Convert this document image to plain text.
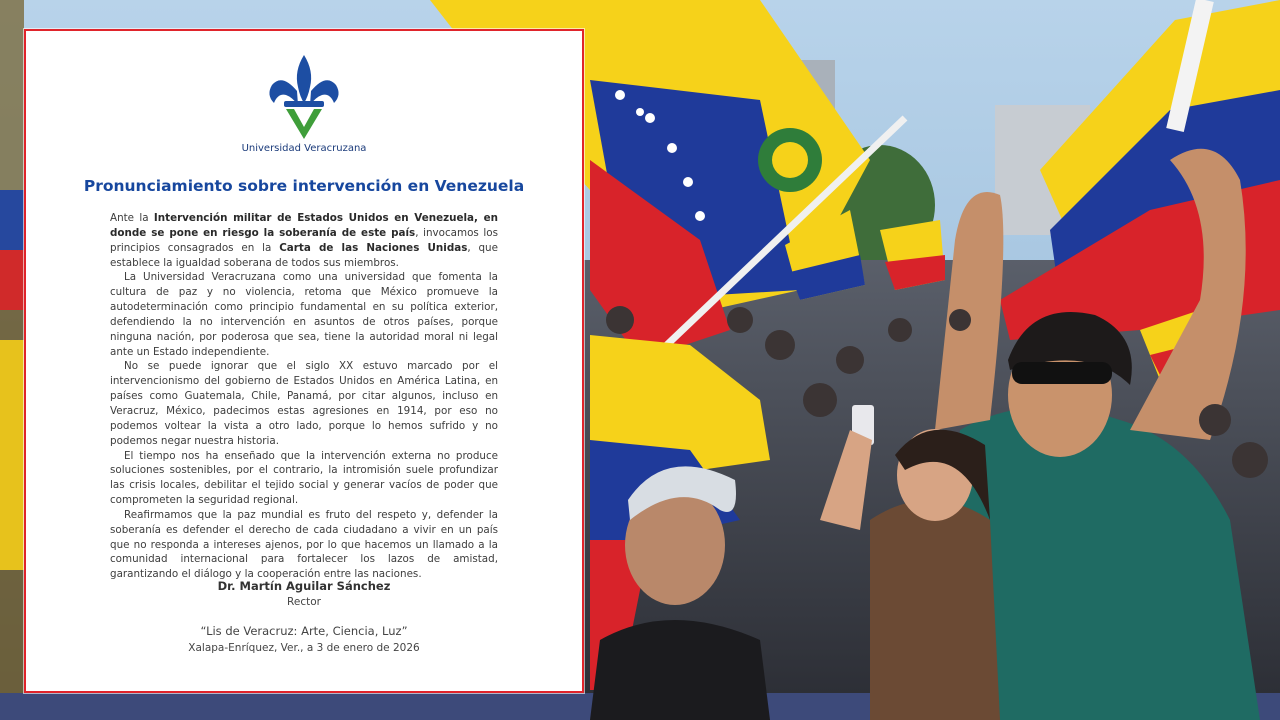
Universidad Veracruzana
Pronunciamiento sobre intervención en Venezuela

Ante la Intervención militar de Estados Unidos en Venezuela, en donde se pone en riesgo la soberanía de este país, invocamos los principios consagrados en la Carta de las Naciones Unidas, que establece la igualdad soberana de todos sus miembros.

La Universidad Veracruzana como una universidad que fomenta la cultura de paz y no violencia, retoma que México promueve la autodeterminación como principio fundamental en su política exterior, defendiendo la no intervención en asuntos de otros países, porque ninguna nación, por poderosa que sea, tiene la autoridad moral ni legal ante un Estado independiente.

No se puede ignorar que el siglo XX estuvo marcado por el intervencionismo del gobierno de Estados Unidos en América Latina, en países como Guatemala, Chile, Panamá, por citar algunos, incluso en Veracruz, México, padecimos estas agresiones en 1914, por eso no podemos voltear la vista a otro lado, porque lo hemos sufrido y no podemos negar nuestra historia.

El tiempo nos ha enseñado que la intervención externa no produce soluciones sostenibles, por el contrario, la intromisión suele profundizar las crisis locales, debilitar el tejido social y generar vacíos de poder que comprometen la seguridad regional.

Reafirmamos que la paz mundial es fruto del respeto y, defender la soberanía es defender el derecho de cada ciudadano a vivir en un país que no responda a intereses ajenos, por lo que hacemos un llamado a la comunidad internacional para fortalecer los lazos de amistad, garantizando el diálogo y la cooperación entre las naciones.

Dr. Martín Aguilar Sánchez
Rector
“Lis de Veracruz: Arte, Ciencia, Luz”
Xalapa-Enríquez, Ver., a 3 de enero de 2026
